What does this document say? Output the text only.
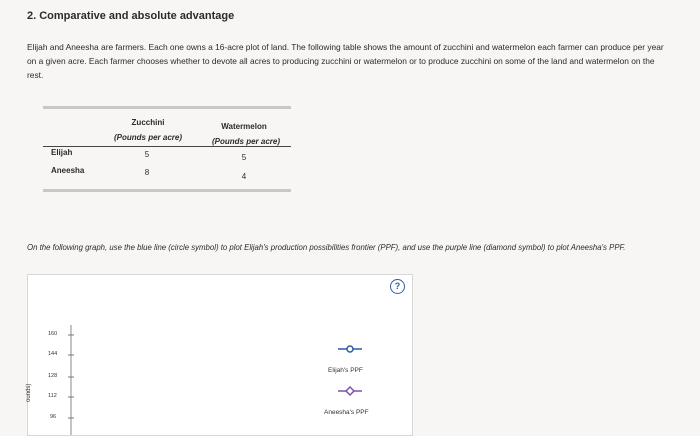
2. Comparative and absolute advantage
Elijah and Aneesha are farmers. Each one owns a 16-acre plot of land. The following table shows the amount of zucchini and watermelon each farmer can produce per year on a given acre. Each farmer chooses whether to devote all acres to producing zucchini or watermelon or to produce zucchini on some of the land and watermelon on the rest.
Zucchini
(Pounds per acre)
Watermelon
(Pounds per acre)
Elijah	5	5
Aneesha	8	4
On the following graph, use the blue line (circle symbol) to plot Elijah's production possibilities frontier (PPF), and use the purple line (diamond symbol) to plot Aneesha's PPF.
160
144
128
112
96
Elijah's PPF
Aneesha's PPF
?
ounds)
